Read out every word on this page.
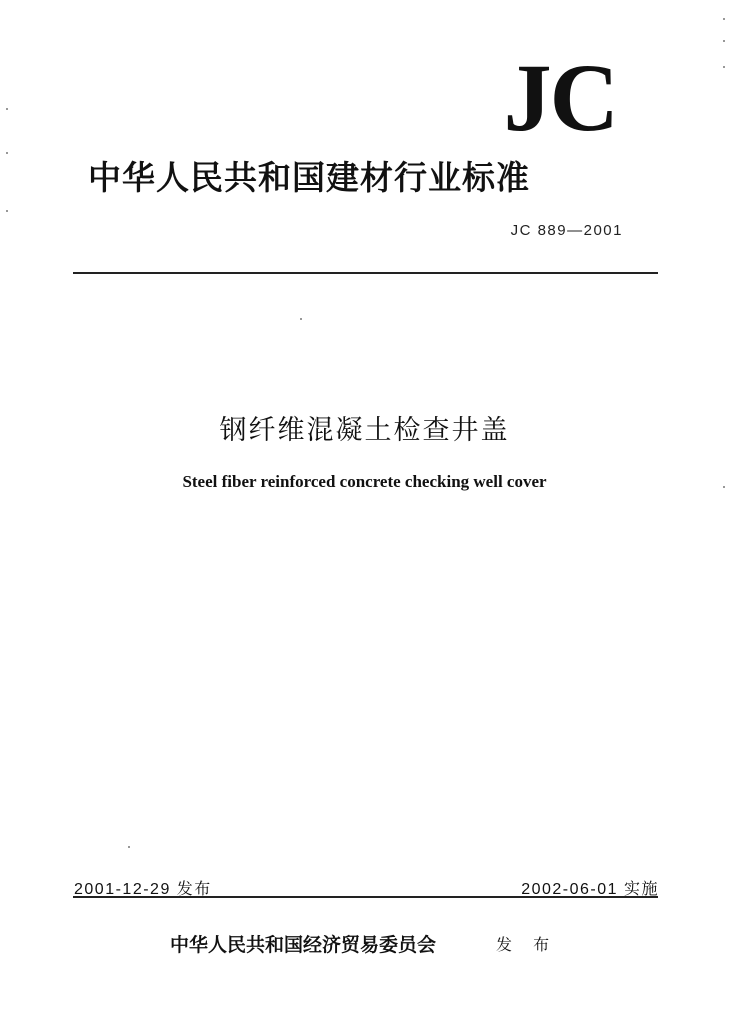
JC
中华人民共和国建材行业标准
JC 889—2001
钢纤维混凝土检查井盖
Steel fiber reinforced concrete checking well cover
2001-12-29 发布	2002-06-01 实施
中华人民共和国经济贸易委员会	发 布
